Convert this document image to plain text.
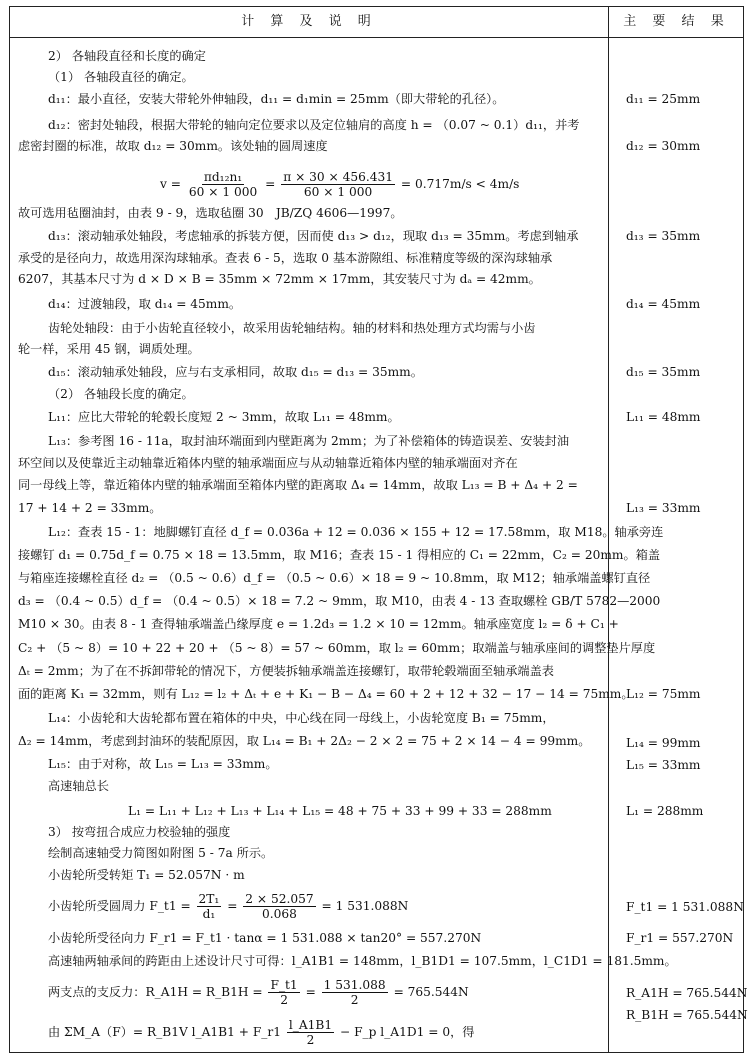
计 算 及 说 明	主 要 结 果
2） 各轴段直径和长度的确定
（1） 各轴段直径的确定。
d₁₁：最小直径，安装大带轮外伸轴段，d₁₁ = d₁min = 25mm（即大带轮的孔径）。
d₁₂：密封处轴段，根据大带轮的轴向定位要求以及定位轴肩的高度 h = （0.07 ~ 0.1）d₁₁，并考
虑密封圈的标准，故取 d₁₂ = 30mm。该处轴的圆周速度
$v = \frac{\text{πd₁₂n₁}}{60 \times 1 000} = \frac{\pi \times 30 \times 456.431}{60 \times 1 000} = 0.717m/s < 4m/s$
故可选用毡圈油封，由表 9 - 9，选取毡圈 30　JB/ZQ 4606—1997。
d₁₃：滚动轴承处轴段，考虑轴承的拆装方便，因而使 d₁₃ > d₁₂，现取 d₁₃ = 35mm。考虑到轴承
承受的是径向力，故选用深沟球轴承。查表 6 - 5，选取 0 基本游隙组、标准精度等级的深沟球轴承
6207，其基本尺寸为 d × D × B = 35mm × 72mm × 17mm，其安装尺寸为 dₐ = 42mm。
d₁₄：过渡轴段，取 d₁₄ = 45mm。
齿轮处轴段：由于小齿轮直径较小，故采用齿轮轴结构。轴的材料和热处理方式均需与小齿
轮一样，采用 45 钢，调质处理。
d₁₅：滚动轴承处轴段，应与右支承相同，故取 d₁₅ = d₁₃ = 35mm。
（2） 各轴段长度的确定。
L₁₁：应比大带轮的轮毂长度短 2 ~ 3mm，故取 L₁₁ = 48mm。
L₁₃：参考图 16 - 11a，取封油环端面到内壁距离为 2mm；为了补偿箱体的铸造误差、安装封油
环空间以及使靠近主动轴靠近箱体内壁的轴承端面应与从动轴靠近箱体内壁的轴承端面对齐在
同一母线上等，靠近箱体内壁的轴承端面至箱体内壁的距离取 Δ₄ = 14mm，故取 L₁₃ = B + Δ₄ + 2 =
17 + 14 + 2 = 33mm。
L₁₂：查表 15 - 1：地脚螺钉直径 d_f = 0.036a + 12 = 0.036 × 155 + 12 = 17.58mm，取 M18。轴承旁连
接螺钉 d₁ = 0.75d_f = 0.75 × 18 = 13.5mm，取 M16；查表 15 - 1 得相应的 C₁ = 22mm，C₂ = 20mm。箱盖
与箱座连接螺栓直径 d₂ = （0.5 ~ 0.6）d_f = （0.5 ~ 0.6）× 18 = 9 ~ 10.8mm，取 M12；轴承端盖螺钉直径
d₃ = （0.4 ~ 0.5）d_f = （0.4 ~ 0.5）× 18 = 7.2 ~ 9mm，取 M10，由表 4 - 13 查取螺栓 GB/T 5782—2000
M10 × 30。由表 8 - 1 查得轴承端盖凸缘厚度 e = 1.2d₃ = 1.2 × 10 = 12mm。轴承座宽度 l₂ = δ + C₁ +
C₂ + （5 ~ 8）= 10 + 22 + 20 + （5 ~ 8）= 57 ~ 60mm，取 l₂ = 60mm；取端盖与轴承座间的调整垫片厚度
Δₜ = 2mm；为了在不拆卸带轮的情况下，方便装拆轴承端盖连接螺钉，取带轮毂端面至轴承端盖表
面的距离 K₁ = 32mm，则有 L₁₂ = l₂ + Δₜ + e + K₁ − B − Δ₄ = 60 + 2 + 12 + 32 − 17 − 14 = 75mm。
L₁₄：小齿轮和大齿轮都布置在箱体的中央，中心线在同一母线上，小齿轮宽度 B₁ = 75mm，
Δ₂ = 14mm，考虑到封油环的装配原因，取 L₁₄ = B₁ + 2Δ₂ − 2 × 2 = 75 + 2 × 14 − 4 = 99mm。
L₁₅：由于对称，故 L₁₅ = L₁₃ = 33mm。
高速轴总长
L₁ = L₁₁ + L₁₂ + L₁₃ + L₁₄ + L₁₅ = 48 + 75 + 33 + 99 + 33 = 288mm
3） 按弯扭合成应力校验轴的强度
绘制高速轴受力简图如附图 5 - 7a 所示。
小齿轮所受转矩 T₁ = 52.057N · m
小齿轮所受圆周力 F_t1 = $\frac{\text{2T₁}}{\text{d₁}} = \frac{2 \times 52.057}{0.068} = 1$ 531.088N
小齿轮所受径向力 F_r1 = F_t1 · tanα = 1 531.088 × tan20° = 557.270N
高速轴两轴承间的跨距由上述设计尺寸可得：l_A1B1 = 148mm，l_B1D1 = 107.5mm，l_C1D1 = 181.5mm。
两支点的支反力：R_A1H = R_B1H = $\frac{F\_t1}{2} = \frac{1 531.088}{2} = 765.544N$
由 ΣM_A（F）= R_B1V l_A1B1 + F_r1 $\frac{l\_A1B1}{2}$ − F_p l_A1D1 = 0，得
d₁₁ = 25mm
d₁₂ = 30mm
d₁₃ = 35mm
d₁₄ = 45mm
d₁₅ = 35mm
L₁₁ = 48mm
L₁₃ = 33mm
L₁₂ = 75mm
L₁₄ = 99mm
L₁₅ = 33mm
L₁ = 288mm
F_t1 = 1 531.088N
F_r1 = 557.270N
R_A1H = 765.544N
R_B1H = 765.544N
